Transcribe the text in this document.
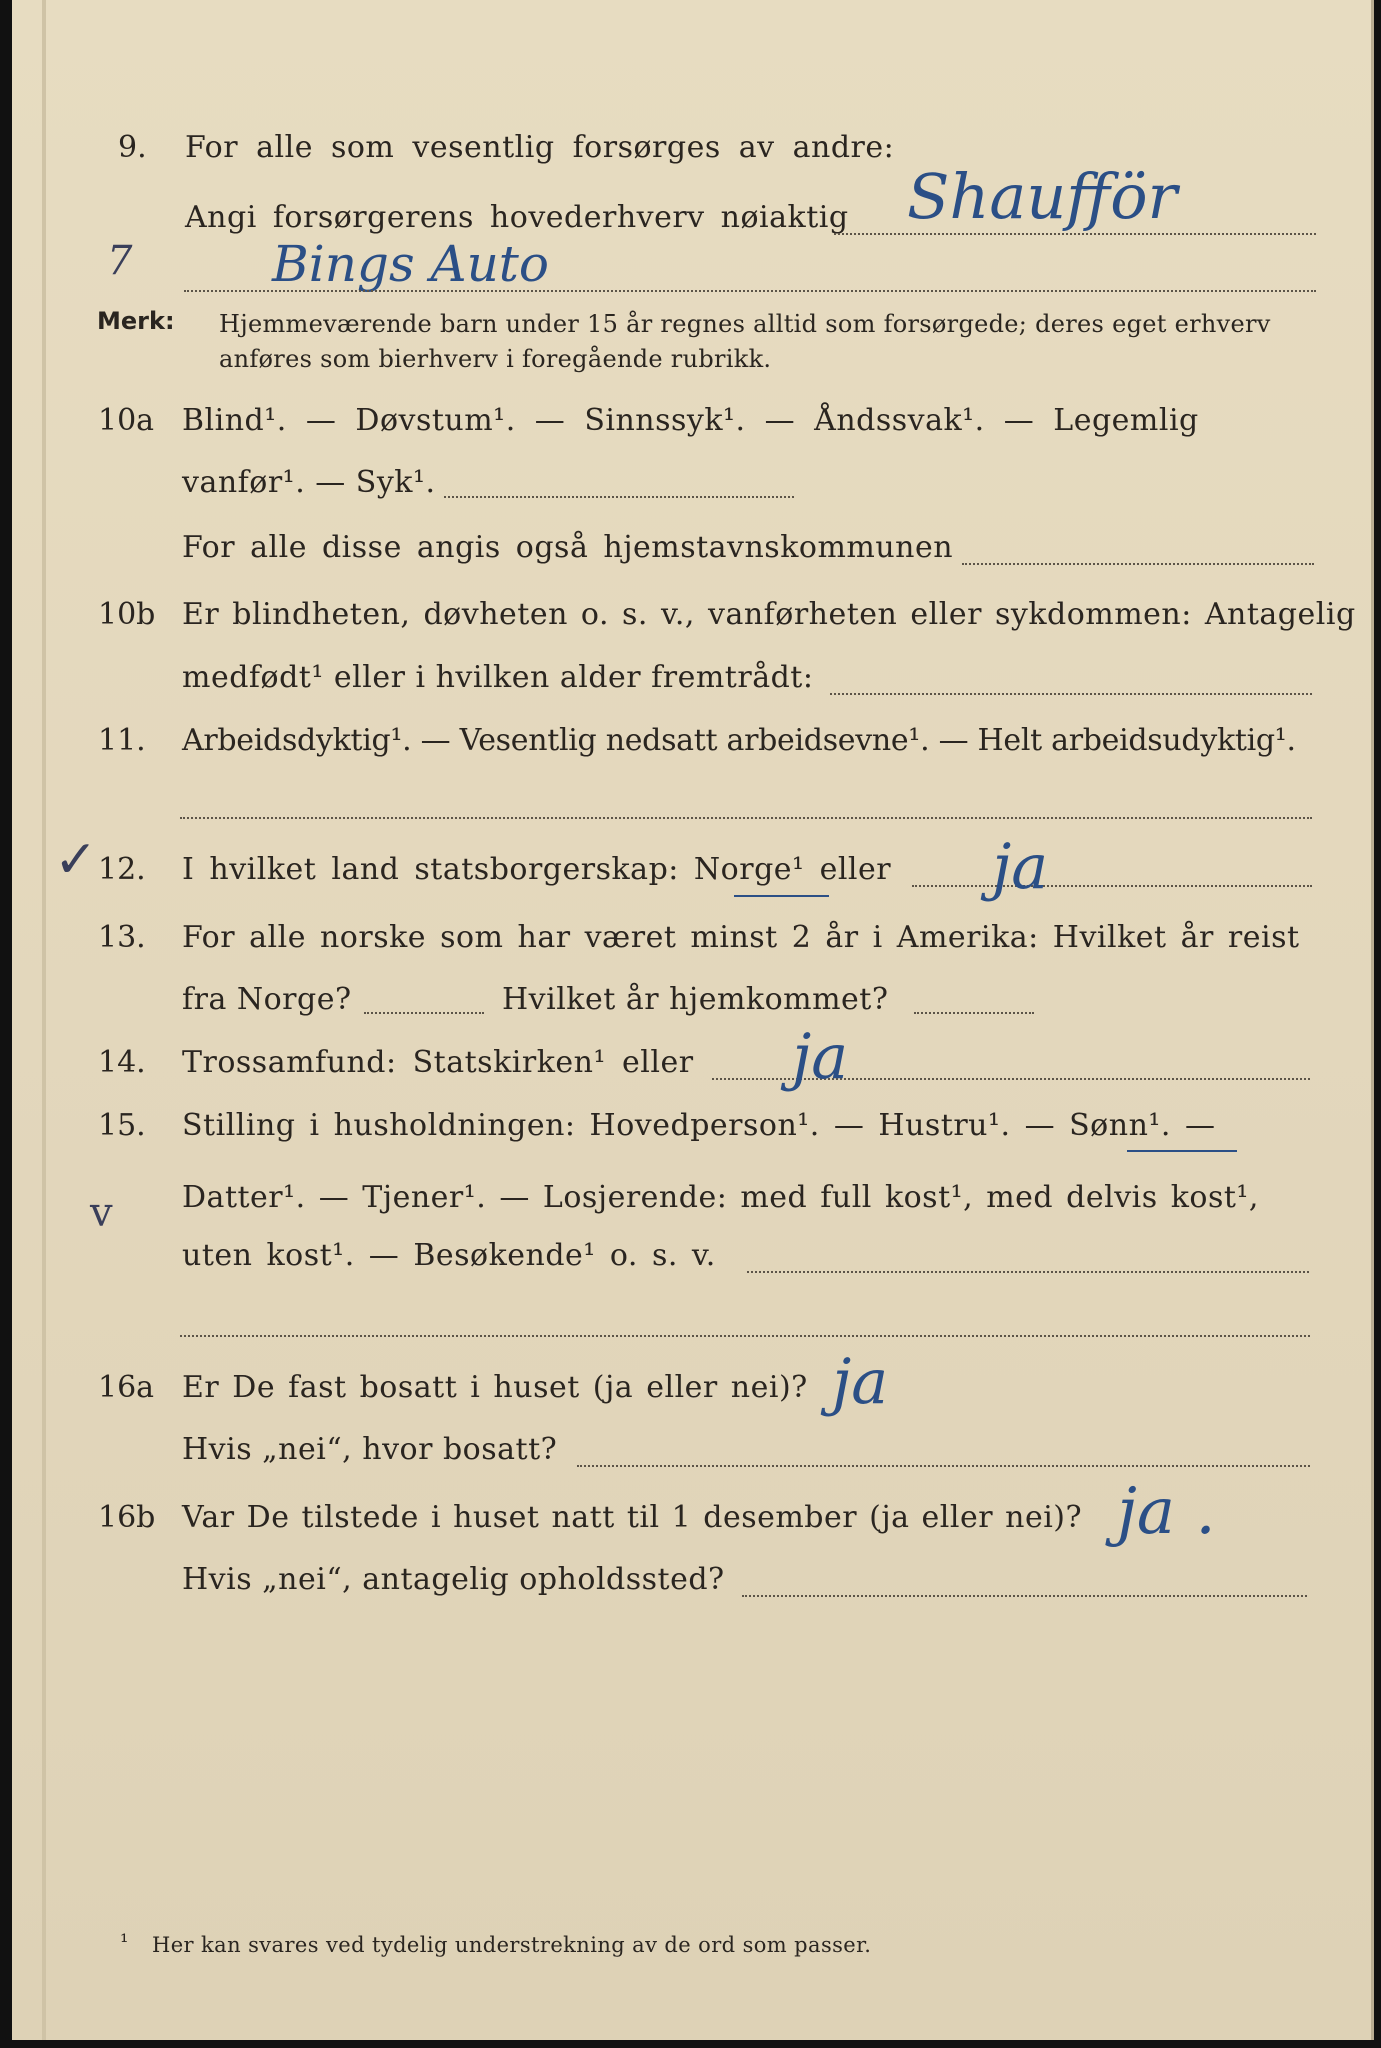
9. For alle som vesentlig forsørges av andre:
Angi forsørgerens hovederhverv nøiaktig Shaufför
7	Bings Auto
Merk: Hjemmeværende barn under 15 år regnes alltid som forsørgede; deres eget erhverv
anføres som bierhverv i foregående rubrikk.
10a Blind¹. — Døvstum¹. — Sinnssyk¹. — Åndssvak¹. — Legemlig
vanfør¹. — Syk¹.
For alle disse angis også hjemstavnskommunen
10b Er blindheten, døvheten o. s. v., vanførheten eller sykdommen: Antagelig
medfødt¹ eller i hvilken alder fremtrådt:
11. Arbeidsdyktig¹. — Vesentlig nedsatt arbeidsevne¹. — Helt arbeidsudyktig¹.
✓ 12. I hvilket land statsborgerskap: Norge¹ eller ja
13. For alle norske som har været minst 2 år i Amerika: Hvilket år reist
fra Norge?	Hvilket år hjemkommet?
14. Trossamfund: Statskirken¹ eller ja
15. Stilling i husholdningen: Hovedperson¹. — Hustru¹. — Sønn¹. —
v Datter¹. — Tjener¹. — Losjerende: med full kost¹, med delvis kost¹,
uten kost¹. — Besøkende¹ o. s. v.
16a Er De fast bosatt i huset (ja eller nei)? ja
Hvis „nei“, hvor bosatt?
16b Var De tilstede i huset natt til 1 desember (ja eller nei)? ja .
Hvis „nei“, antagelig opholdssted?
¹ Her kan svares ved tydelig understrekning av de ord som passer.
